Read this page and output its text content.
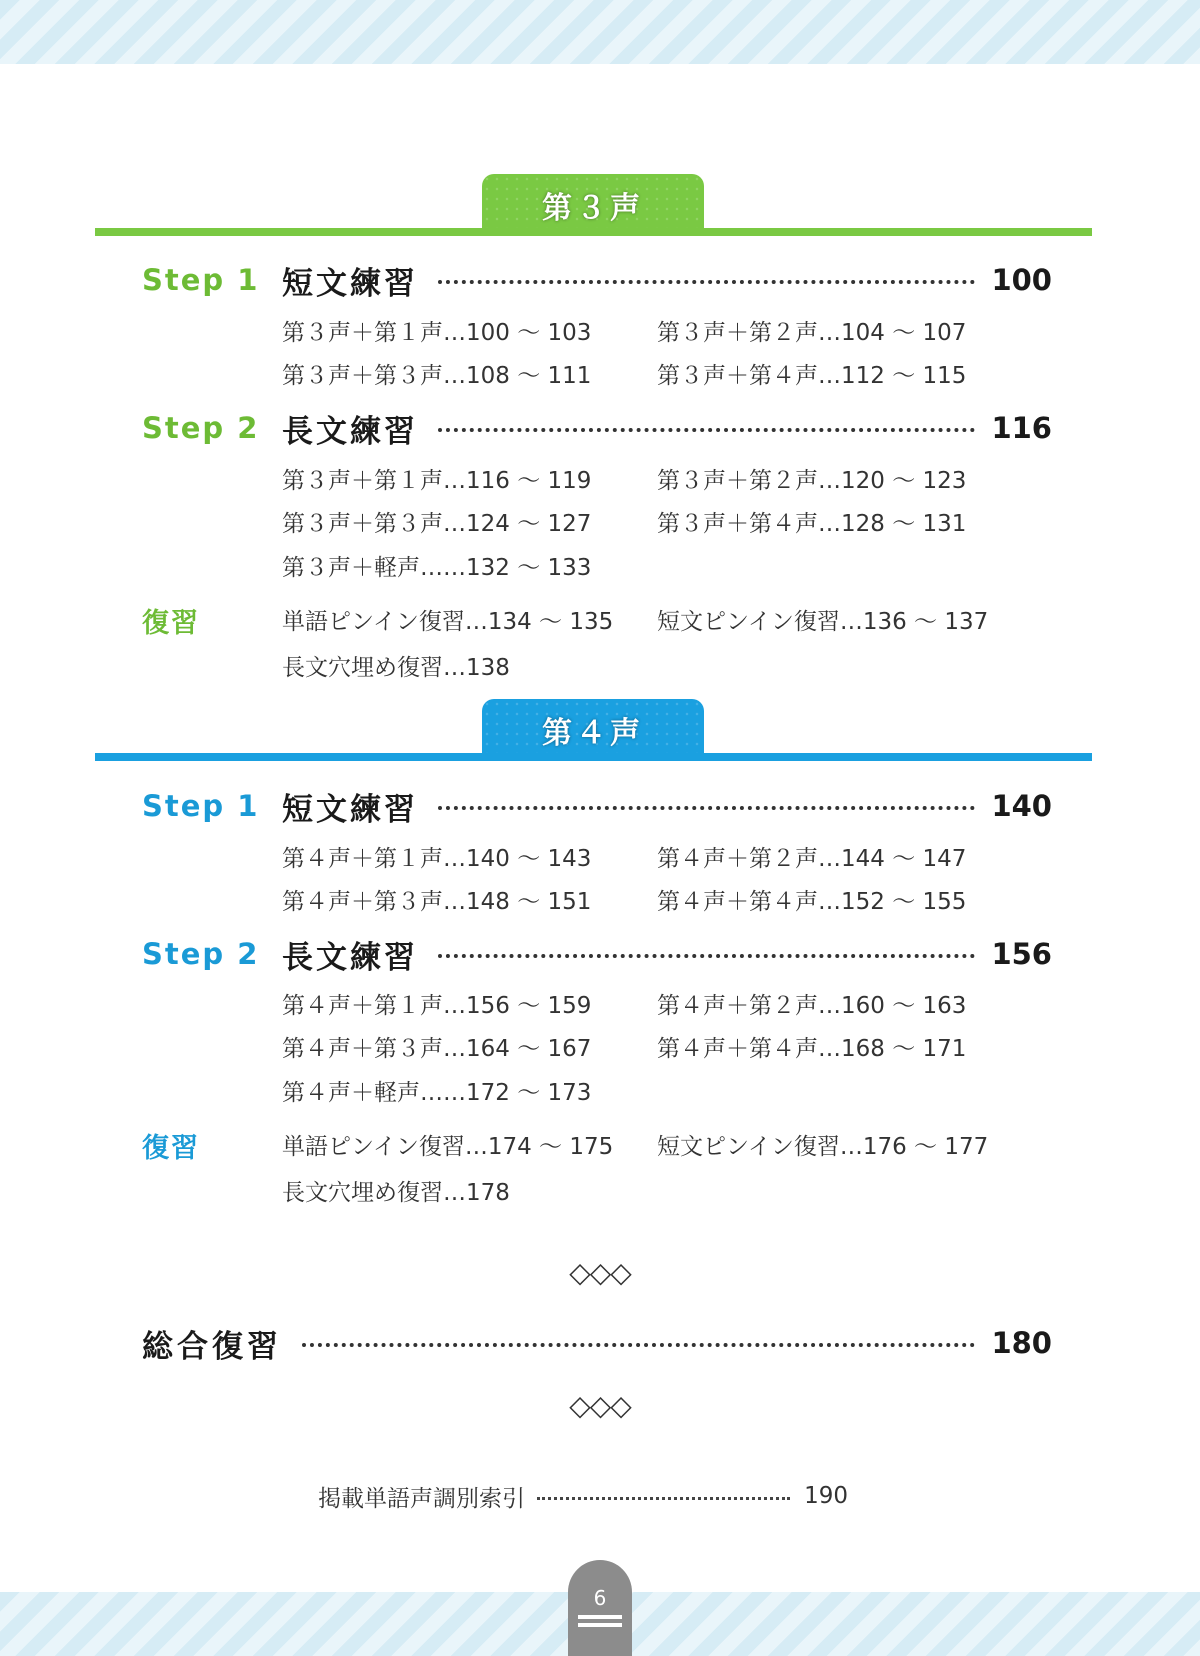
第３声
Step 1 短文練習	100
第３声＋第１声…100 ～ 103	第３声＋第２声…104 ～ 107
第３声＋第３声…108 ～ 111	第３声＋第４声…112 ～ 115
Step 2 長文練習	116
第３声＋第１声…116 ～ 119	第３声＋第２声…120 ～ 123
第３声＋第３声…124 ～ 127	第３声＋第４声…128 ～ 131
第３声＋軽声……132 ～ 133
復習	単語ピンイン復習…134 ～ 135 短文ピンイン復習…136 ～ 137
長文穴埋め復習…138
第４声
Step 1 短文練習	140
第４声＋第１声…140 ～ 143	第４声＋第２声…144 ～ 147
第４声＋第３声…148 ～ 151	第４声＋第４声…152 ～ 155
Step 2 長文練習	156
第４声＋第１声…156 ～ 159	第４声＋第２声…160 ～ 163
第４声＋第３声…164 ～ 167	第４声＋第４声…168 ～ 171
第４声＋軽声……172 ～ 173
復習	単語ピンイン復習…174 ～ 175 短文ピンイン復習…176 ～ 177
長文穴埋め復習…178
◇◇◇
総合復習	180
◇◇◇
掲載単語声調別索引	190
6
